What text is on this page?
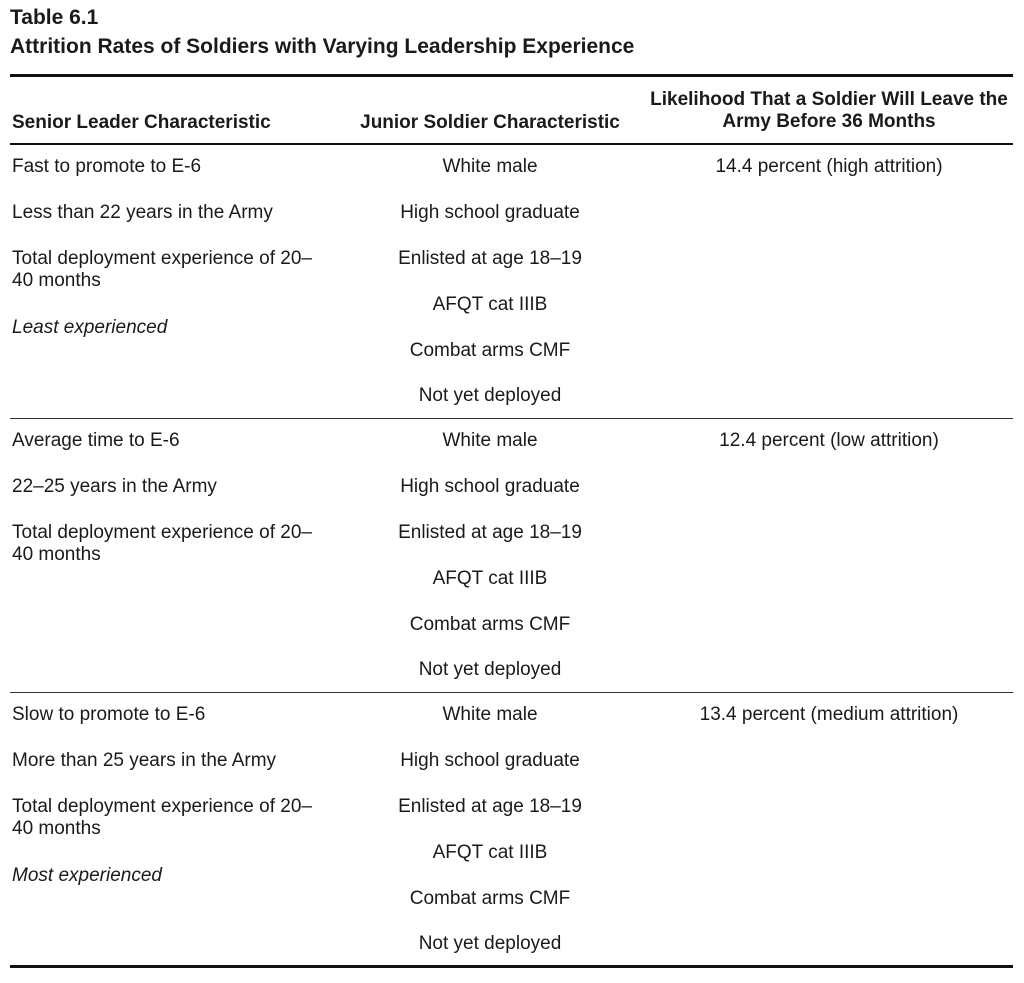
Table 6.1
Attrition Rates of Soldiers with Varying Leadership Experience
Senior Leader Characteristic	Junior Soldier Characteristic
Likelihood That a Soldier Will Leave the Army Before 36 Months
Fast to promote to E-6
Less than 22 years in the Army
Total deployment experience of 20–40 months
Least experienced
White male
High school graduate
Enlisted at age 18–19
AFQT cat IIIB
Combat arms CMF
Not yet deployed
14.4 percent (high attrition)
Average time to E-6
22–25 years in the Army
Total deployment experience of 20–40 months
White male
High school graduate
Enlisted at age 18–19
AFQT cat IIIB
Combat arms CMF
Not yet deployed
12.4 percent (low attrition)
Slow to promote to E-6
More than 25 years in the Army
Total deployment experience of 20–40 months
Most experienced
White male
High school graduate
Enlisted at age 18–19
AFQT cat IIIB
Combat arms CMF
Not yet deployed
13.4 percent (medium attrition)
